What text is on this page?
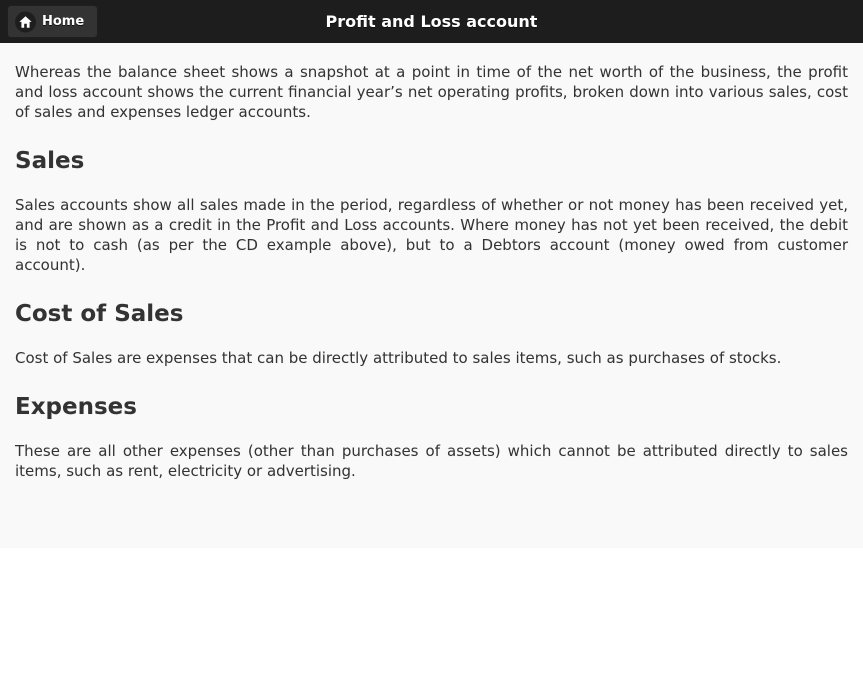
Home	Profit and Loss account

Whereas the balance sheet shows a snapshot at a point in time of the net worth of the business, the profit and loss account shows the current financial year’s net operating profits, broken down into various sales, cost of sales and expenses ledger accounts.

Sales

Sales accounts show all sales made in the period, regardless of whether or not money has been received yet, and are shown as a credit in the Profit and Loss accounts. Where money has not yet been received, the debit is not to cash (as per the CD example above), but to a Debtors account (money owed from customer account).

Cost of Sales

Cost of Sales are expenses that can be directly attributed to sales items, such as purchases of stocks.

Expenses

These are all other expenses (other than purchases of assets) which cannot be attributed directly to sales items, such as rent, electricity or advertising.
